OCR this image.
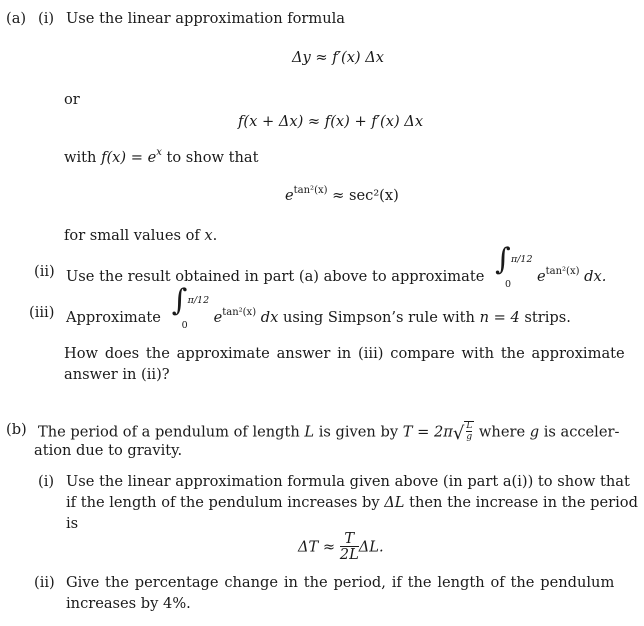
(a) (i) Use the linear approximation formula
Δy ≈ f′(x) Δx
or
f(x + Δx) ≈ f(x) + f′(x) Δx
with $f(x) = e^x$ to show that
$e^{tan^2(x)} \approx \sec^2(x)$
for small values of x.
(ii) Use the result obtained in part (a) above to approximate ∫ π/12
0 $e^{tan^2(x)}$ dx.
(iii) Approximate ∫ π/12
0 $e^{tan^2(x)}$ dx using Simpson’s rule with n = 4 strips.
How does the approximate answer in (iii) compare with the approximate
answer in (ii)?
(b) The period of a pendulum of length L is given by $T = 2\pi√ \frac{L}{g}$ where g is acceler-
ation due to gravity.
(i) Use the linear approximation formula given above (in part a(i)) to show that
if the length of the pendulum increases by ΔL then the increase in the period
is
$\Delta T \approx \frac{T}{2L} \Delta L$.
(ii) Give the percentage change in the period, if the length of the pendulum
increases by 4%.
